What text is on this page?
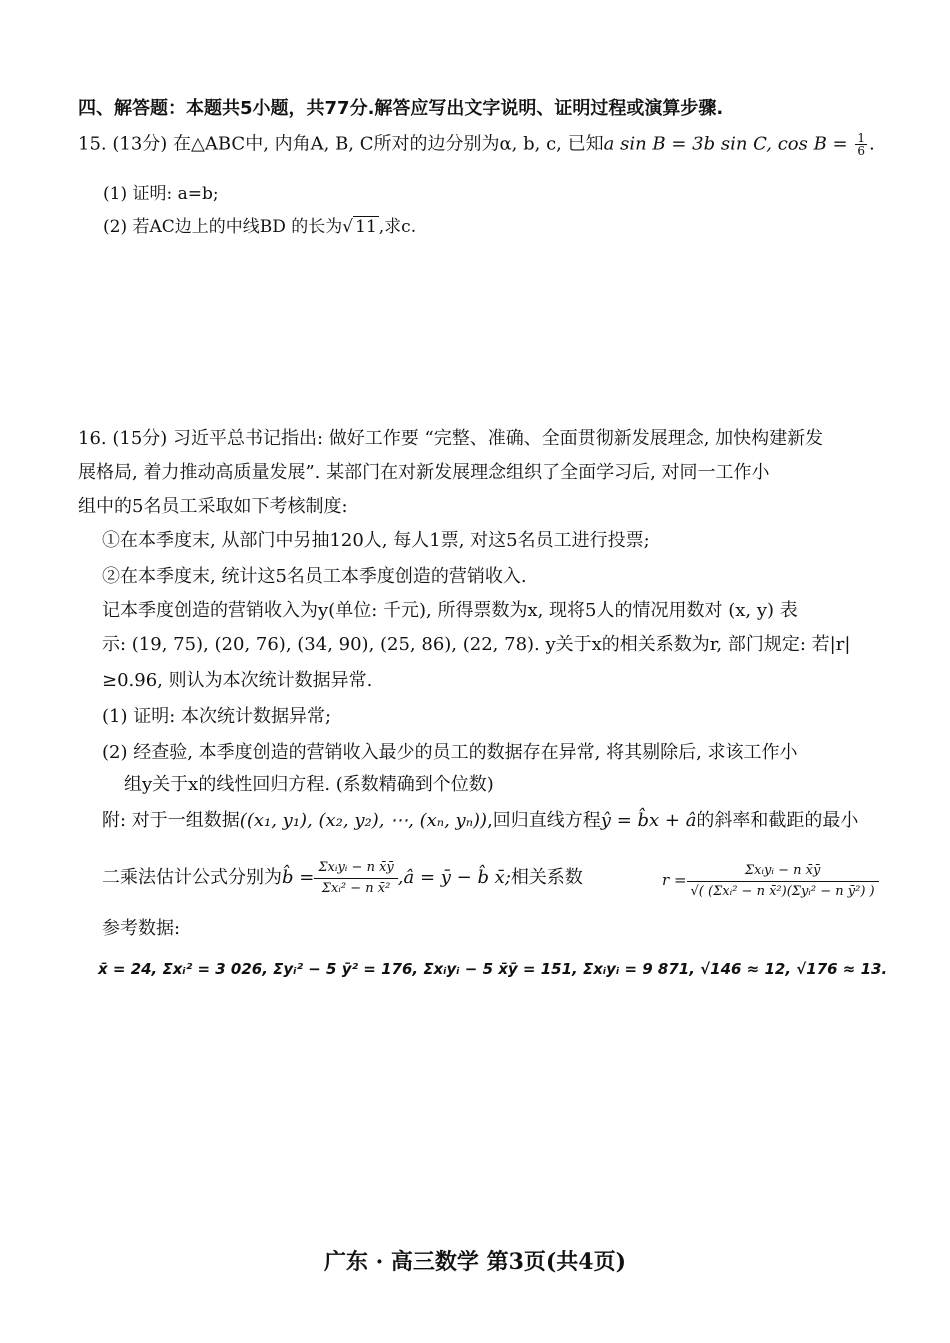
四、解答题：本题共5小题，共77分.解答应写出文字说明、证明过程或演算步骤.
15. (13分) 在△ABC中, 内角A, B, C所对的边分别为α, b, c, 已知a sin B = 3b sin C, $\cos B = \frac{1}{6}$ .
(1) 证明: a=b;
(2) 若AC边上的中线BD 的长为√ 11 ,求c.
16. (15分) 习近平总书记指出: 做好工作要 “完整、准确、全面贯彻新发展理念, 加快构建新发
展格局, 着力推动高质量发展”. 某部门在对新发展理念组织了全面学习后, 对同一工作小
组中的5名员工采取如下考核制度:
①在本季度末, 从部门中另抽120人, 每人1票, 对这5名员工进行投票;
②在本季度末, 统计这5名员工本季度创造的营销收入.
记本季度创造的营销收入为y(单位: 千元), 所得票数为x, 现将5人的情况用数对 (x, y) 表
示: (19, 75), (20, 76), (34, 90), (25, 86), (22, 78). y关于x的相关系数为r, 部门规定: 若|r|
≥0.96, 则认为本次统计数据异常.
(1) 证明: 本次统计数据异常;
(2) 经查验, 本季度创造的营销收入最少的员工的数据存在异常, 将其剔除后, 求该工作小
组y关于x的线性回归方程. (系数精确到个位数)
附: 对于一组数据((x₁, y₁), (x₂, y₂), ⋯, (xₙ, yₙ)),回归直线方程ŷ = b̂x + â的斜率和截距的最小
二乘法估计公式分别为b̂ = $\frac{\text{Σxᵢyᵢ − n x̄ȳ}}{\text{Σxᵢ² − n x̄²}}$ ,â = ȳ − b̂ x̄;相关系数	$r = \frac{\text{Σxᵢyᵢ − n x̄ȳ}}{\text{√( (Σxᵢ² − n x̄²)(Σyᵢ² − n ȳ²) )}}$
参考数据:
x̄ = 24, Σxᵢ² = 3 026, Σyᵢ² − 5 ȳ² = 176, Σxᵢyᵢ − 5 x̄ȳ = 151, Σxᵢyᵢ = 9 871, √146 ≈ 12, √176 ≈ 13.
广东 · 高三数学 第3页(共4页)
